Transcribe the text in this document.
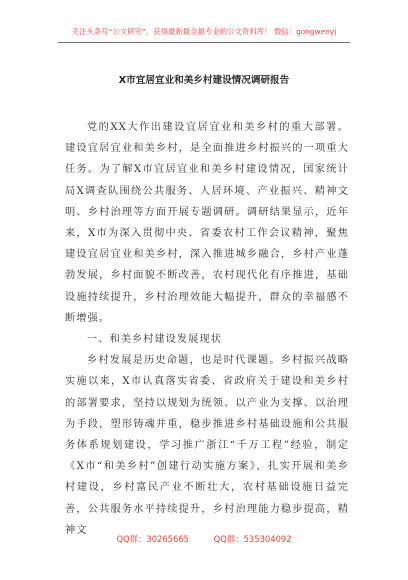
关注头条号“公文研究”，获得最新最全最专业的公文资料库！ 微信：gongwenyj
X市宜居宜业和美乡村建设情况调研报告

党的XX大作出建设宜居宜业和美乡村的重大部署。建设宜居宜业和美乡村，是全面推进乡村振兴的一项重大任务。为了解X市宜居宜业和美乡村建设情况，国家统计局X调查队围绕公共服务、人居环境、产业振兴、精神文明、乡村治理等方面开展专题调研。调研结果显示，近年来，X市为深入贯彻中央、省委农村工作会议精神，聚焦建设宜居宜业和美乡村，深入推进城乡融合，乡村产业蓬勃发展，乡村面貌不断改善，农村现代化有序推进，基础设施持续提升，乡村治理效能大幅提升，群众的幸福感不断增强。

一、和美乡村建设发展现状

乡村发展是历史命题，也是时代课题。乡村振兴战略实施以来，X市认真落实省委、省政府关于建设和美乡村的部署要求，坚持以规划为统领、以产业为支撑、以治理为手段，塑形铸魂并重，稳步推进乡村基础设施和公共服务体系规划建设，学习推广浙江“千万工程”经验，制定《X市“和美乡村”创建行动实施方案》，扎实开展和美乡村建设，乡村富民产业不断壮大，农村基础设施日益完善，公共服务水平持续提升，乡村治理能力稳步提高，精神文

QQ群：30265665	QQ群：535304092
